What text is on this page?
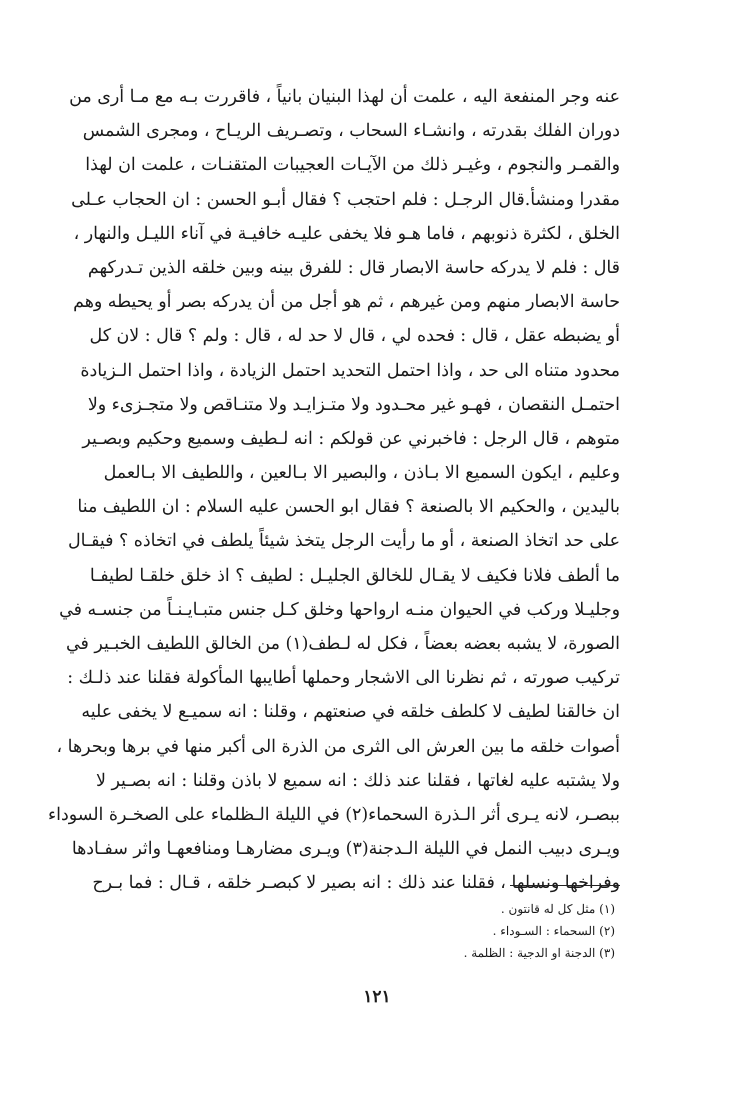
عنه وجر المنفعة اليه ، علمت أن لهذا البنيان بانياً ، فاقررت بـه مع مـا أرى من
دوران الفلك بقدرته ، وانشـاء السحاب ، وتصـريف الريـاح ، ومجرى الشمس
والقمـر والنجوم ، وغيـر ذلك من الآيـات العجيبات المتقنـات ، علمت ان لهذا
مقدرا ومنشأ.قال الرجـل : فلم احتجب ؟ فقال أبـو الحسن : ان الحجاب عـلى
الخلق ، لكثرة ذنوبهم ، فاما هـو فلا يخفى عليـه خافيـة في آناء الليـل والنهار ،
قال : فلم لا يدركه حاسة الابصار قال : للفرق بينه وبين خلقه الذين تـدركهم
حاسة الابصار منهم ومن غيرهم ، ثم هو أجل من أن يدركه بصر أو يحيطه وهم
أو يضبطه عقل ، قال : فحده لي ، قال لا حد له ، قال : ولم ؟ قال : لان كل
محدود متناه الى حد ، واذا احتمل التحديد احتمل الزيادة ، واذا احتمل الـزيادة
احتمـل النقصان ، فهـو غير محـدود ولا متـزايـد ولا متنـاقص ولا متجـزىء ولا
متوهم ، قال الرجل : فاخبرني عن قولكم : انه لـطيف وسميع وحكيم وبصـير
وعليم ، ايكون السميع الا بـاذن ، والبصير الا بـالعين ، واللطيف الا بـالعمل
باليدين ، والحكيم الا بالصنعة ؟ فقال ابو الحسن عليه السلام : ان اللطيف منا
على حد اتخاذ الصنعة ، أو ما رأيت الرجل يتخذ شيئاً يلطف في اتخاذه ؟ فيقـال
ما ألطف فلانا فكيف لا يقـال للخالق الجليـل : لطيف ؟ اذ خلق خلقـا لطيفـا
وجليـلا وركب في الحيوان منـه ارواحها وخلق كـل جنس متبـايـنـاً من جنسـه في
الصورة، لا يشبه بعضه بعضاً ، فكل له لـطف(١) من الخالق اللطيف الخبـير في
تركيب صورته ، ثم نظرنا الى الاشجار وحملها أطايبها المأكولة فقلنا عند ذلـك :
ان خالقنا لطيف لا كلطف خلقه في صنعتهم ، وقلنا : انه سميـع لا يخفى عليه
أصوات خلقه ما بين العرش الى الثرى من الذرة الى أكبر منها في برها وبحرها ،
ولا يشتبه عليه لغاتها ، فقلنا عند ذلك : انه سميع لا باذن وقلنا : انه بصـير لا
ببصـر، لانه يـرى أثر الـذرة السحماء(٢) في الليلة الـظلماء على الصخـرة السوداء
ويـرى دبيب النمل في الليلة الـدجنة(٣) ويـرى مضارهـا ومنافعهـا واثر سفـادها
وفراخها ونسلها ، فقلنا عند ذلك : انه بصير لا كبصـر خلقه ، قـال : فما بـرح
(١) مثل كل له قانتون .
(٢) السحماء : السـوداء .
(٣) الدجنة او الدجية : الظلمة .
١٢١
